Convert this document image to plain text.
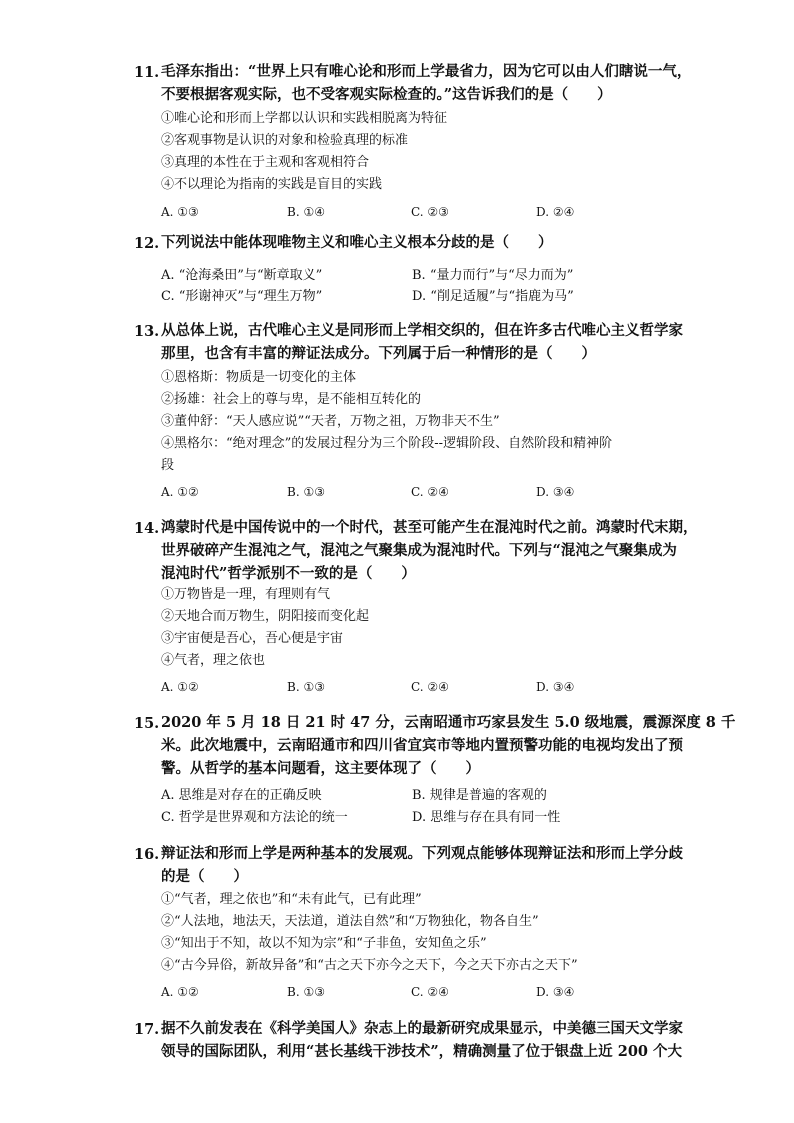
11. 毛泽东指出：“世界上只有唯心论和形而上学最省力，因为它可以由人们瞎说一气，
不要根据客观实际，也不受客观实际检查的。”这告诉我们的是（　　）
①唯心论和形而上学都以认识和实践相脱离为特征
②客观事物是认识的对象和检验真理的标准
③真理的本性在于主观和客观相符合
④不以理论为指南的实践是盲目的实践
A. ①③	B. ①④	C. ②③	D. ②④
12. 下列说法中能体现唯物主义和唯心主义根本分歧的是（　　）
A. “沧海桑田”与“断章取义”	B. “量力而行”与“尽力而为”
C. “形谢神灭”与“理生万物”	D. “削足适履”与“指鹿为马”
13. 从总体上说，古代唯心主义是同形而上学相交织的，但在许多古代唯心主义哲学家
那里，也含有丰富的辩证法成分。下列属于后一种情形的是（　　）
①恩格斯：物质是一切变化的主体
②扬雄：社会上的尊与卑，是不能相互转化的
③董仲舒：“天人感应说”“天者，万物之祖，万物非天不生”
④黑格尔：“绝对理念”的发展过程分为三个阶段--逻辑阶段、自然阶段和精神阶
段
A. ①②	B. ①③	C. ②④	D. ③④
14. 鸿蒙时代是中国传说中的一个时代，甚至可能产生在混沌时代之前。鸿蒙时代末期，
世界破碎产生混沌之气，混沌之气聚集成为混沌时代。下列与“混沌之气聚集成为
混沌时代”哲学派别不一致的是（　　）
①万物皆是一理，有理则有气
②天地合而万物生，阴阳接而变化起
③宇宙便是吾心，吾心便是宇宙
④气者，理之依也
A. ①②	B. ①③	C. ②④	D. ③④
15. 2020 年 5 月 18 日 21 时 47 分，云南昭通市巧家县发生 5.0 级地震，震源深度 8 千
米。此次地震中，云南昭通市和四川省宜宾市等地内置预警功能的电视均发出了预
警。从哲学的基本问题看，这主要体现了（　　）
A. 思维是对存在的正确反映	B. 规律是普遍的客观的
C. 哲学是世界观和方法论的统一	D. 思维与存在具有同一性
16. 辩证法和形而上学是两种基本的发展观。下列观点能够体现辩证法和形而上学分歧
的是（　　）
①“气者，理之依也”和“未有此气，已有此理”
②“人法地，地法天，天法道，道法自然”和“万物独化，物各自生”
③“知出于不知，故以不知为宗”和“子非鱼，安知鱼之乐”
④“古今异俗，新故异备”和“古之天下亦今之天下，今之天下亦古之天下”
A. ①②	B. ①③	C. ②④	D. ③④
17. 据不久前发表在《科学美国人》杂志上的最新研究成果显示，中美德三国天文学家
领导的国际团队，利用“甚长基线干涉技术”，精确测量了位于银盘上近 200 个大
